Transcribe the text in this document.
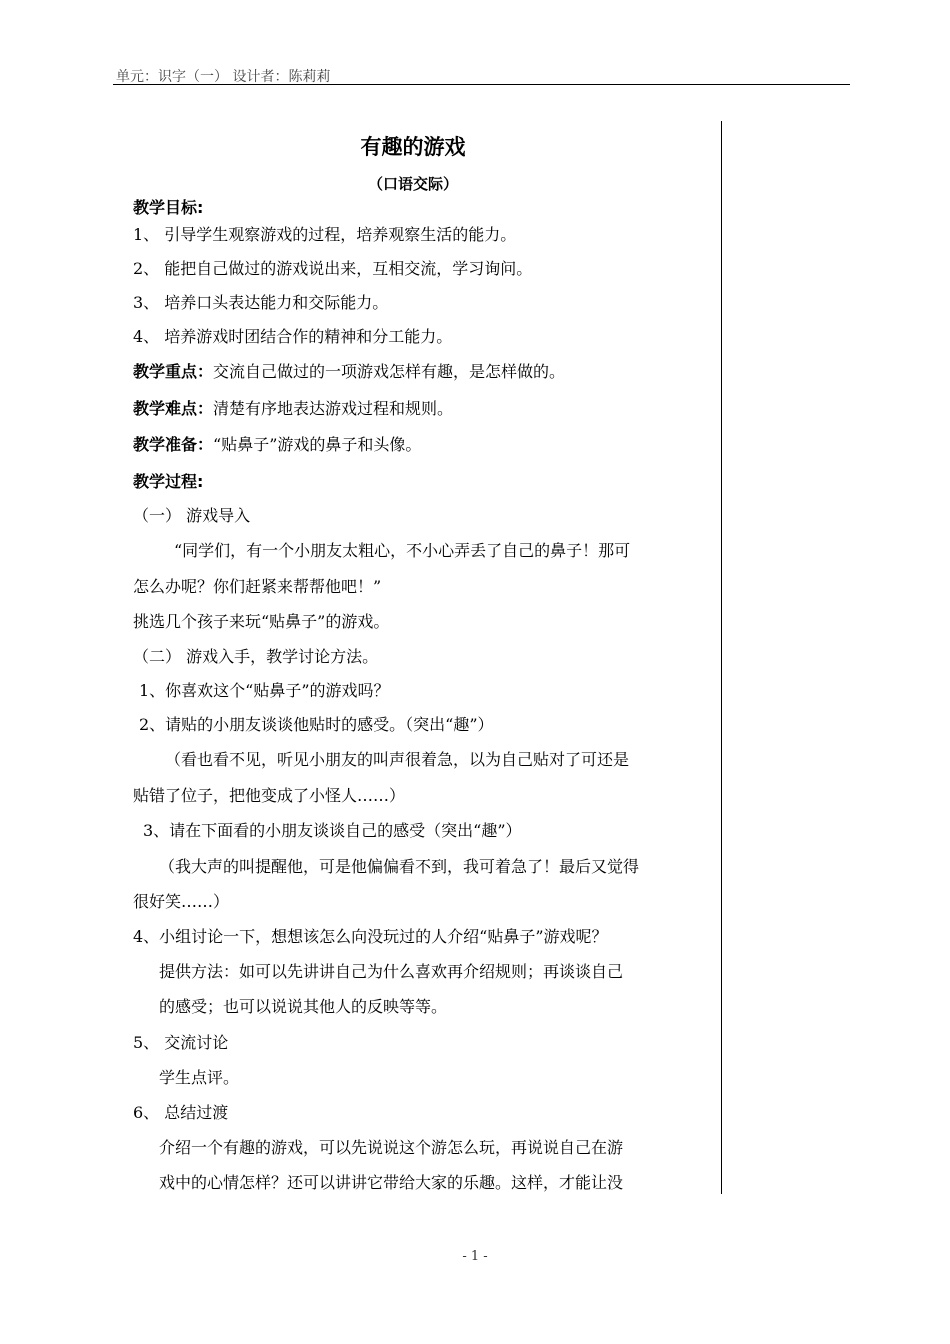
单元：识字（一） 设计者：陈莉莉
有趣的游戏
（口语交际）
教学目标:
1、 引导学生观察游戏的过程，培养观察生活的能力。
2、 能把自己做过的游戏说出来，互相交流，学习询问。
3、 培养口头表达能力和交际能力。
4、 培养游戏时团结合作的精神和分工能力。
教学重点：交流自己做过的一项游戏怎样有趣，是怎样做的。
教学难点：清楚有序地表达游戏过程和规则。
教学准备：“贴鼻子”游戏的鼻子和头像。
教学过程:
（一） 游戏导入
“同学们，有一个小朋友太粗心，不小心弄丢了自己的鼻子！那可
怎么办呢？你们赶紧来帮帮他吧！”
挑选几个孩子来玩“贴鼻子”的游戏。
（二） 游戏入手，教学讨论方法。
1、你喜欢这个“贴鼻子”的游戏吗？
2、请贴的小朋友谈谈他贴时的感受。（突出“趣”）
（看也看不见，听见小朋友的叫声很着急，以为自己贴对了可还是
贴错了位子，把他变成了小怪人……）
3、请在下面看的小朋友谈谈自己的感受（突出“趣”）
（我大声的叫提醒他，可是他偏偏看不到，我可着急了！最后又觉得
很好笑……）
4、小组讨论一下，想想该怎么向没玩过的人介绍“贴鼻子”游戏呢？
提供方法：如可以先讲讲自己为什么喜欢再介绍规则；再谈谈自己
的感受；也可以说说其他人的反映等等。
5、 交流讨论
学生点评。
6、 总结过渡
介绍一个有趣的游戏，可以先说说这个游怎么玩，再说说自己在游
戏中的心情怎样？还可以讲讲它带给大家的乐趣。这样，才能让没
- 1 -
